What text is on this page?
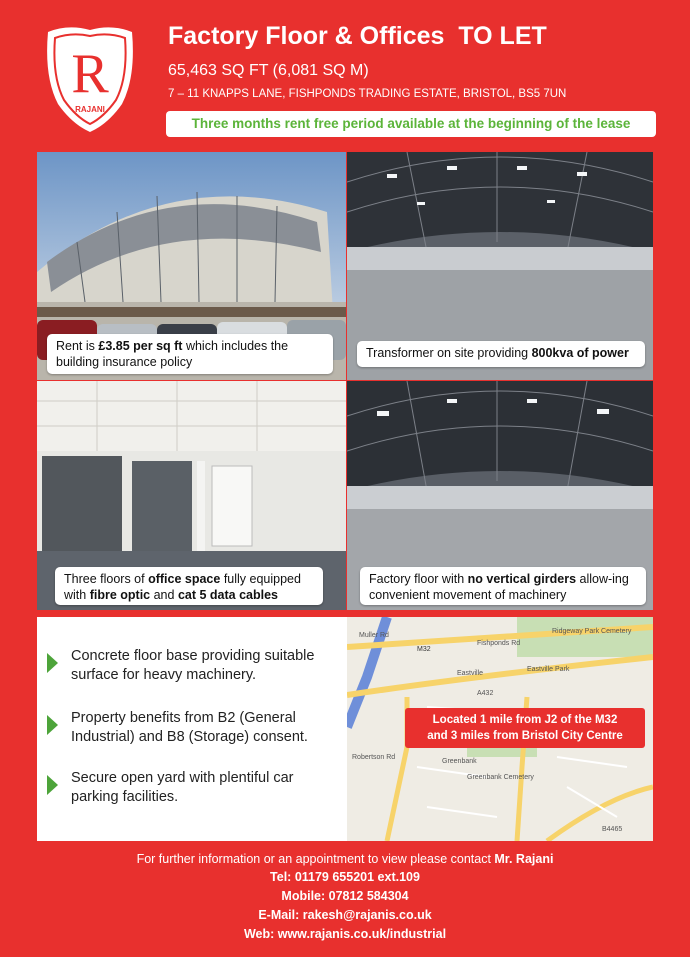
R
RAJANI
Factory Floor & Offices  TO LET
65,463 SQ FT (6,081 SQ M)
7 – 11 KNAPPS LANE, FISHPONDS TRADING ESTATE, BRISTOL, BS5 7UN
Three months rent free period available at the beginning of the lease
Rent is £3.85 per sq ft which includes the building insurance policy
Transformer on site providing 800kva of power
Three floors of office space fully equipped with fibre optic and cat 5 data cables
Factory floor with no vertical girders allow-ing convenient movement of machinery
Concrete floor base providing suitable surface for heavy machinery.
Property benefits from B2 (General Industrial) and B8 (Storage) consent.
Secure open yard with plentiful car parking facilities.
Muller Rd
M32
Fishponds Rd
Eastville
Ridgeway Park Cemetery
Eastville Park
Greenbank
Greenbank Cemetery
Robertson Rd
B4465
A432
Located 1 mile from J2 of the M32
and 3 miles from Bristol City Centre
For further information or an appointment to view please contact Mr. Rajani
Tel: 01179 655201 ext.109
Mobile: 07812 584304
E-Mail: rakesh@rajanis.co.uk
Web: www.rajanis.co.uk/industrial
